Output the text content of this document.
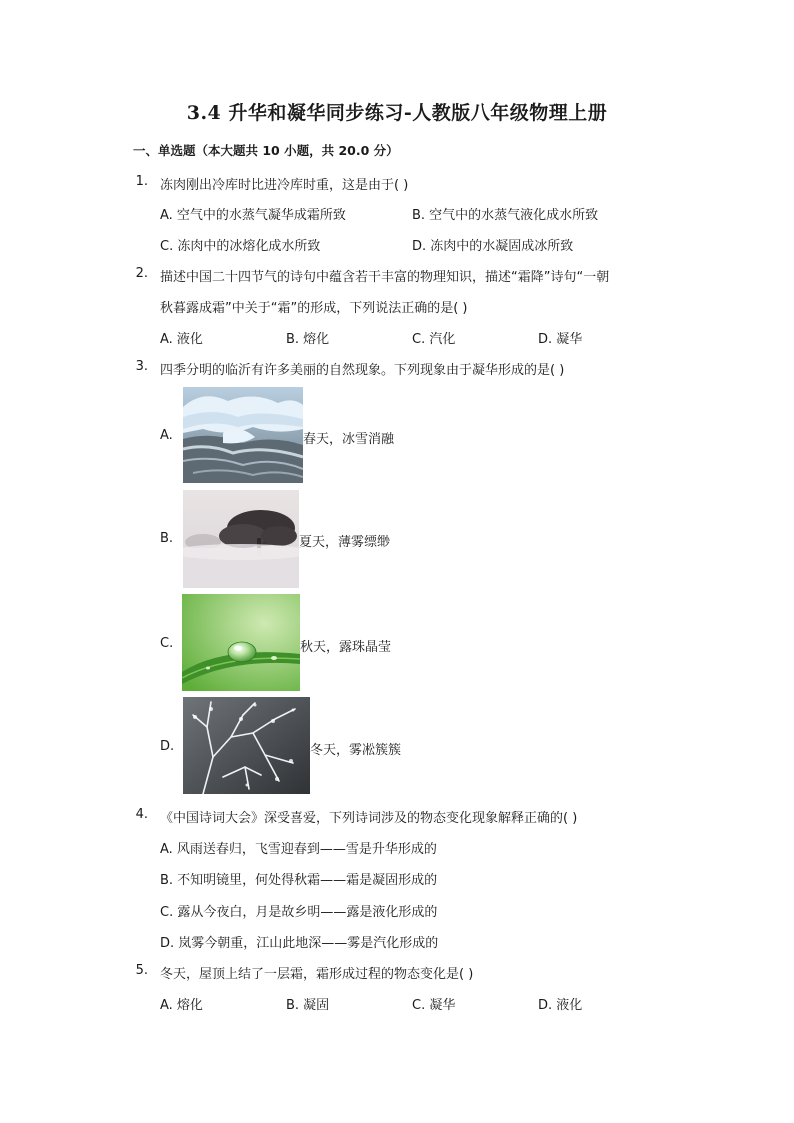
3.4 升华和凝华同步练习-人教版八年级物理上册
一、单选题（本大题共 10 小题，共 20.0 分）
1. 冻肉刚出冷库时比进冷库时重，这是由于( )
A. 空气中的水蒸气凝华成霜所致	B. 空气中的水蒸气液化成水所致
C. 冻肉中的冰熔化成水所致	D. 冻肉中的水凝固成冰所致
2. 描述中国二十四节气的诗句中蕴含若干丰富的物理知识，描述“霜降”诗句“一朝
秋暮露成霜”中关于“霜”的形成，下列说法正确的是( )
A. 液化	B. 熔化	C. 汽化	D. 凝华
3. 四季分明的临沂有许多美丽的自然现象。下列现象由于凝华形成的是( )
A.	春天，冰雪消融
B.	夏天，薄雾缥缈
C.	秋天，露珠晶莹
D.	冬天，雾凇簇簇
4. 《中国诗词大会》深受喜爱，下列诗词涉及的物态变化现象解释正确的( )
A. 风雨送春归，飞雪迎春到——雪是升华形成的
B. 不知明镜里，何处得秋霜——霜是凝固形成的
C. 露从今夜白，月是故乡明——露是液化形成的
D. 岚雾今朝重，江山此地深——雾是汽化形成的
5. 冬天，屋顶上结了一层霜，霜形成过程的物态变化是( )
A. 熔化	B. 凝固	C. 凝华	D. 液化
